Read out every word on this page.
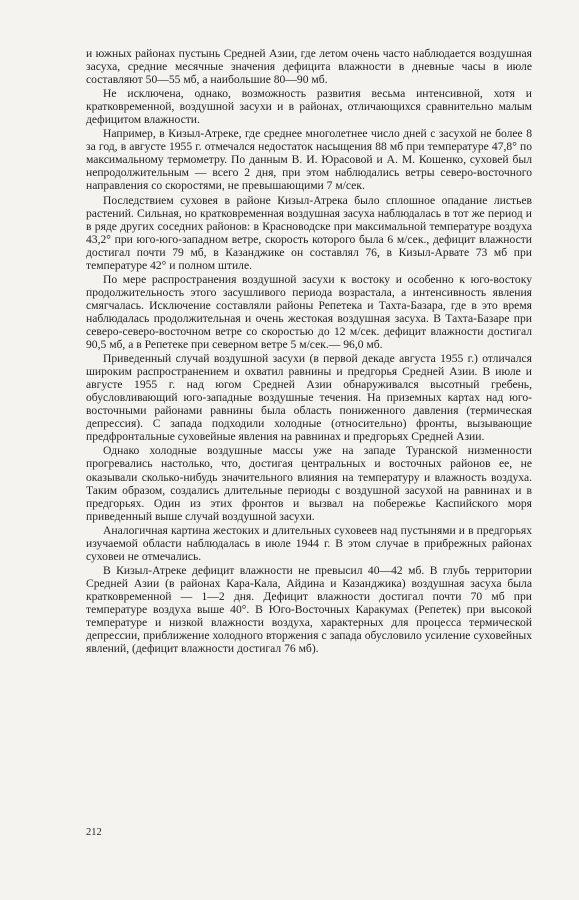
и южных районах пустынь Средней Азии, где летом очень часто наблюдается воздушная засуха, средние месячные значения дефицита влажности в дневные часы в июле составляют 50—55 мб, а наибольшие 80—90 мб.

Не исключена, однако, возможность развития весьма интенсивной, хотя и кратковременной, воздушной засухи и в районах, отличающихся сравнительно малым дефицитом влажности.

Например, в Кизыл-Атреке, где среднее многолетнее число дней с засухой не более 8 за год, в августе 1955 г. отмечался недостаток насыщения 88 мб при температуре 47,8° по максимальному термометру. По данным В. И. Юрасовой и А. М. Кошенко, суховей был непродолжительным — всего 2 дня, при этом наблюдались ветры северо-восточного направления со скоростями, не превышающими 7 м/сек.

Последствием суховея в районе Кизыл-Атрека было сплошное опадание листьев растений. Сильная, но кратковременная воздушная засуха наблюдалась в тот же период и в ряде других соседних районов: в Красноводске при максимальной температуре воздуха 43,2° при юго-юго-западном ветре, скорость которого была 6 м/сек., дефицит влажности достигал почти 79 мб, в Казанджике он составлял 76, в Кизыл-Арвате 73 мб при температуре 42° и полном штиле.

По мере распространения воздушной засухи к востоку и особенно к юго-востоку продолжительность этого засушливого периода возрастала, а интенсивность явления смягчалась. Исключение составляли районы Репетека и Тахта-Базара, где в это время наблюдалась продолжительная и очень жестокая воздушная засуха. В Тахта-Базаре при северо-северо-восточном ветре со скоростью до 12 м/сек. дефицит влажности достигал 90,5 мб, а в Репетеке при северном ветре 5 м/сек.— 96,0 мб.

Приведенный случай воздушной засухи (в первой декаде августа 1955 г.) отличался широким распространением и охватил равнины и предгорья Средней Азии. В июле и августе 1955 г. над югом Средней Азии обнаруживался высотный гребень, обусловливающий юго-западные воздушные течения. На приземных картах над юго-восточными районами равнины была область пониженного давления (термическая депрессия). С запада подходили холодные (относительно) фронты, вызывающие предфронтальные суховейные явления на равнинах и предгорьях Средней Азии.

Однако холодные воздушные массы уже на западе Туранской низменности прогревались настолько, что, достигая центральных и восточных районов ее, не оказывали сколько-нибудь значительного влияния на температуру и влажность воздуха. Таким образом, создались длительные периоды с воздушной засухой на равнинах и в предгорьях. Один из этих фронтов и вызвал на побережье Каспийского моря приведенный выше случай воздушной засухи.

Аналогичная картина жестоких и длительных суховеев над пустынями и в предгорьях изучаемой области наблюдалась в июле 1944 г. В этом случае в прибрежных районах суховеи не отмечались.

В Кизыл-Атреке дефицит влажности не превысил 40—42 мб. В глубь территории Средней Азии (в районах Кара-Кала, Айдина и Казанджика) воздушная засуха была кратковременной — 1—2 дня. Дефицит влажности достигал почти 70 мб при температуре воздуха выше 40°. В Юго-Восточных Каракумах (Репетек) при высокой температуре и низкой влажности воздуха, характерных для процесса термической депрессии, приближение холодного вторжения с запада обусловило усиление суховейных явлений, (дефицит влажности достигал 76 мб).

212
